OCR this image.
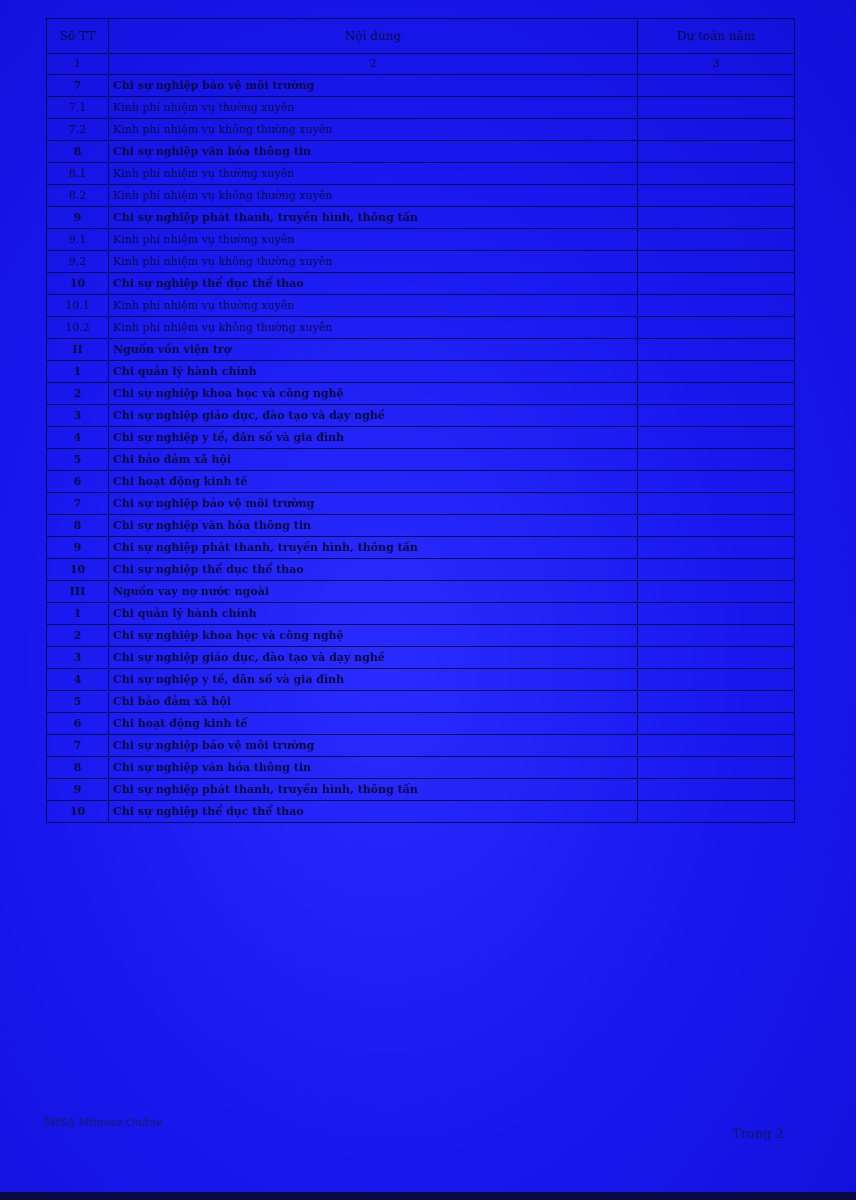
Số TT	Nội dung	Dự toán năm
1	2	3
7	Chi sự nghiệp bảo vệ môi trường	
7.1	Kinh phí nhiệm vụ thường xuyên	
7.2	Kinh phí nhiệm vụ không thường xuyên	
8	Chi sự nghiệp văn hóa thông tin	
8.1	Kinh phí nhiệm vụ thường xuyên	
8.2	Kinh phí nhiệm vụ không thường xuyên	
9	Chi sự nghiệp phát thanh, truyền hình, thông tấn	
9.1	Kinh phí nhiệm vụ thường xuyên	
9.2	Kinh phí nhiệm vụ không thường xuyên	
10	Chi sự nghiệp thể dục thể thao	
10.1	Kinh phí nhiệm vụ thường xuyên	
10.2	Kinh phí nhiệm vụ không thường xuyên	
II	Nguồn vốn viện trợ	
1	Chi quản lý hành chính	
2	Chi sự nghiệp khoa học và công nghệ	
3	Chi sự nghiệp giáo dục, đào tạo và dạy nghề	
4	Chi sự nghiệp y tế, dân số và gia đình	
5	Chi bảo đảm xã hội	
6	Chi hoạt động kinh tế	
7	Chi sự nghiệp bảo vệ môi trường	
8	Chi sự nghiệp văn hóa thông tin	
9	Chi sự nghiệp phát thanh, truyền hình, thông tấn	
10	Chi sự nghiệp thể dục thể thao	
III	Nguồn vay nợ nước ngoài	
1	Chi quản lý hành chính	
2	Chi sự nghiệp khoa học và công nghệ	
3	Chi sự nghiệp giáo dục, đào tạo và dạy nghề	
4	Chi sự nghiệp y tế, dân số và gia đình	
5	Chi bảo đảm xã hội	
6	Chi hoạt động kinh tế	
7	Chi sự nghiệp bảo vệ môi trường	
8	Chi sự nghiệp văn hóa thông tin	
9	Chi sự nghiệp phát thanh, truyền hình, thông tấn	
10	Chi sự nghiệp thể dục thể thao	
MISA Mimosa Online
Trang 2
